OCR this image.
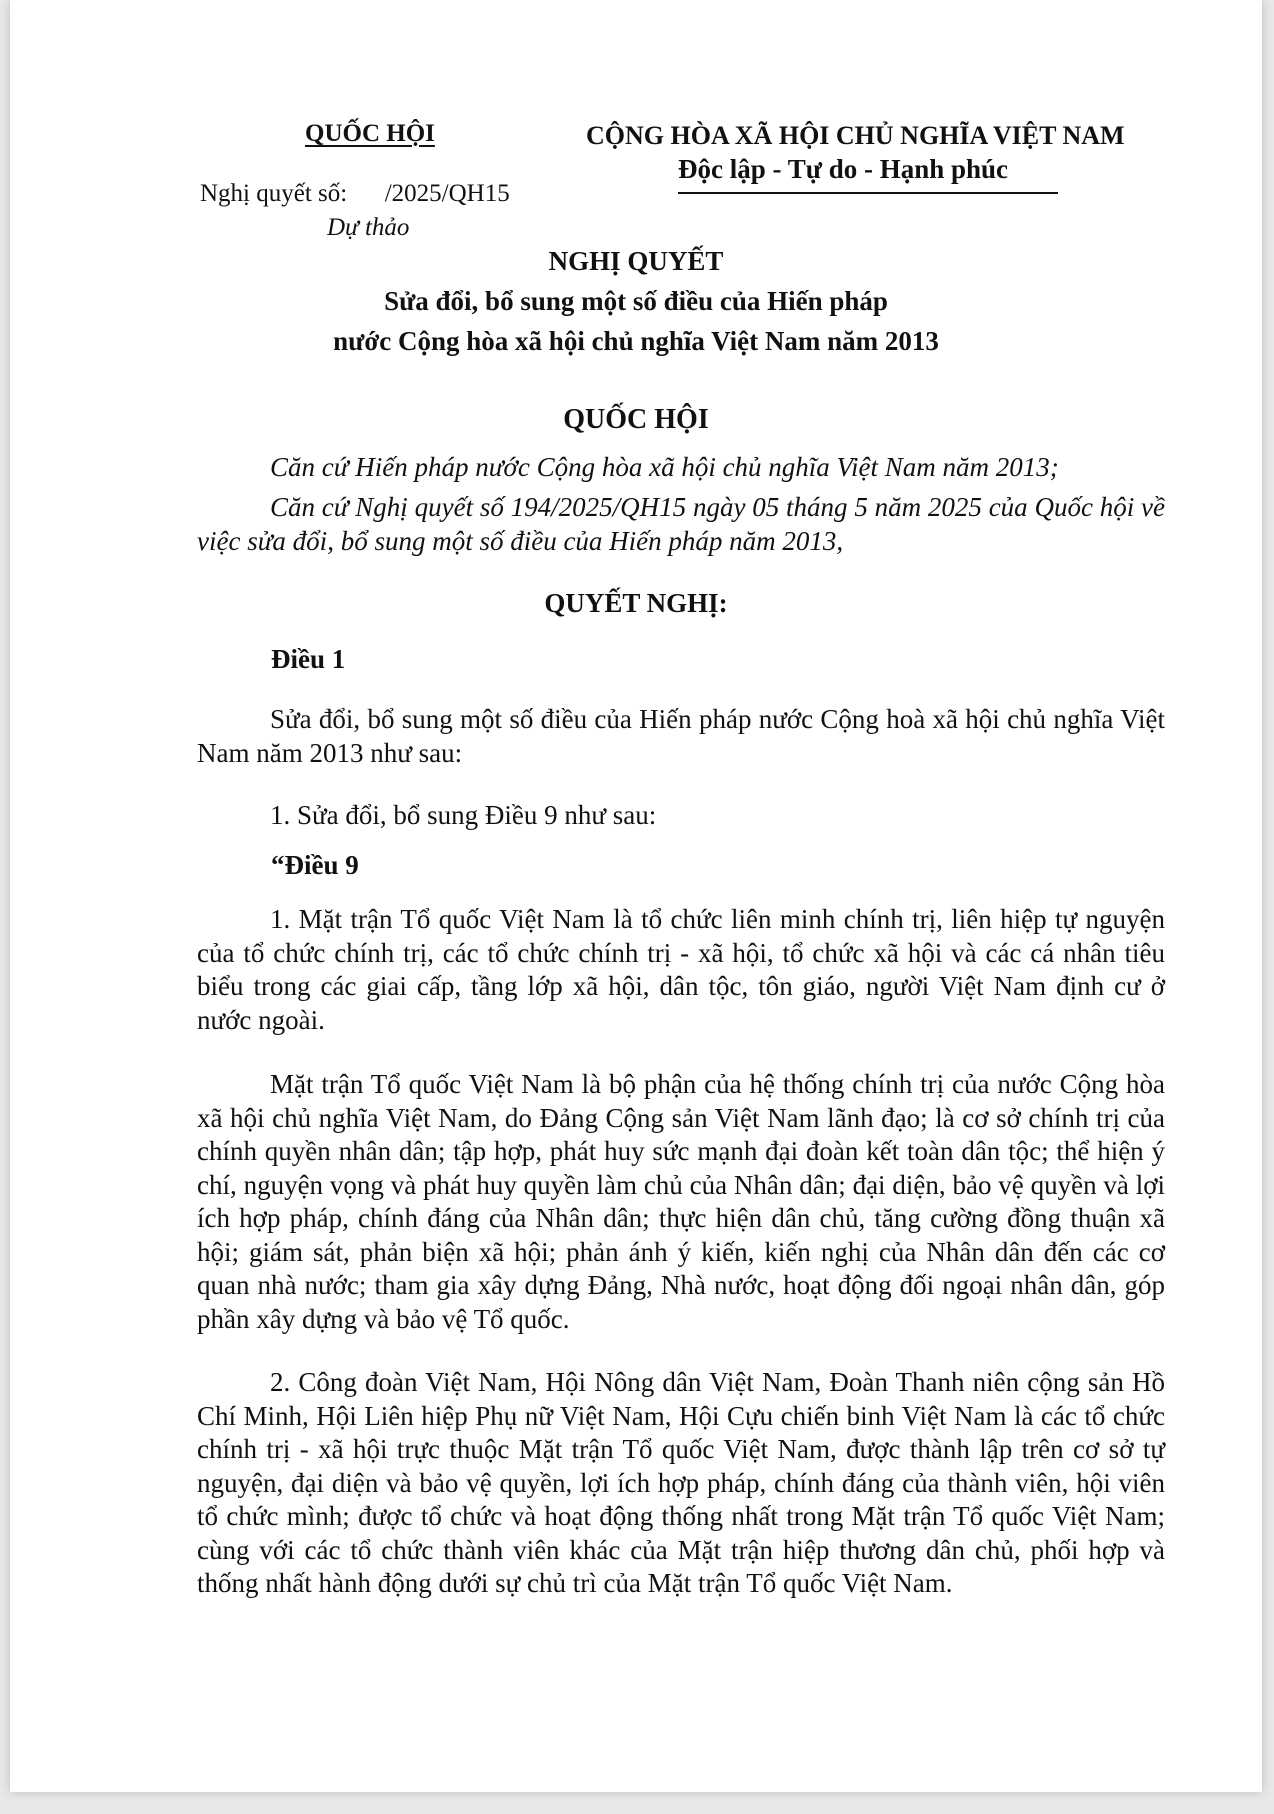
QUỐC HỘI

Nghị quyết số:      /2025/QH15

Dự thảo

CỘNG HÒA XÃ HỘI CHỦ NGHĨA VIỆT NAM

Độc lập - Tự do - Hạnh phúc

NGHỊ QUYẾT

Sửa đổi, bổ sung một số điều của Hiến pháp

nước Cộng hòa xã hội chủ nghĩa Việt Nam năm 2013

QUỐC HỘI

Căn cứ Hiến pháp nước Cộng hòa xã hội chủ nghĩa Việt Nam năm 2013;

Căn cứ Nghị quyết số 194/2025/QH15 ngày 05 tháng 5 năm 2025 của Quốc hội về việc sửa đổi, bổ sung một số điều của Hiến pháp năm 2013,

QUYẾT NGHỊ:

Điều 1

Sửa đổi, bổ sung một số điều của Hiến pháp nước Cộng hoà xã hội chủ nghĩa Việt Nam năm 2013 như sau:

1. Sửa đổi, bổ sung Điều 9 như sau:

“Điều 9

1. Mặt trận Tổ quốc Việt Nam là tổ chức liên minh chính trị, liên hiệp tự nguyện của tổ chức chính trị, các tổ chức chính trị - xã hội, tổ chức xã hội và các cá nhân tiêu biểu trong các giai cấp, tầng lớp xã hội, dân tộc, tôn giáo, người Việt Nam định cư ở nước ngoài.

Mặt trận Tổ quốc Việt Nam là bộ phận của hệ thống chính trị của nước Cộng hòa xã hội chủ nghĩa Việt Nam, do Đảng Cộng sản Việt Nam lãnh đạo; là cơ sở chính trị của chính quyền nhân dân; tập hợp, phát huy sức mạnh đại đoàn kết toàn dân tộc; thể hiện ý chí, nguyện vọng và phát huy quyền làm chủ của Nhân dân; đại diện, bảo vệ quyền và lợi ích hợp pháp, chính đáng của Nhân dân; thực hiện dân chủ, tăng cường đồng thuận xã hội; giám sát, phản biện xã hội; phản ánh ý kiến, kiến nghị của Nhân dân đến các cơ quan nhà nước; tham gia xây dựng Đảng, Nhà nước, hoạt động đối ngoại nhân dân, góp phần xây dựng và bảo vệ Tổ quốc.

2. Công đoàn Việt Nam, Hội Nông dân Việt Nam, Đoàn Thanh niên cộng sản Hồ Chí Minh, Hội Liên hiệp Phụ nữ Việt Nam, Hội Cựu chiến binh Việt Nam là các tổ chức chính trị - xã hội trực thuộc Mặt trận Tổ quốc Việt Nam, được thành lập trên cơ sở tự nguyện, đại diện và bảo vệ quyền, lợi ích hợp pháp, chính đáng của thành viên, hội viên tổ chức mình; được tổ chức và hoạt động thống nhất trong Mặt trận Tổ quốc Việt Nam; cùng với các tổ chức thành viên khác của Mặt trận hiệp thương dân chủ, phối hợp và thống nhất hành động dưới sự chủ trì của Mặt trận Tổ quốc Việt Nam.
